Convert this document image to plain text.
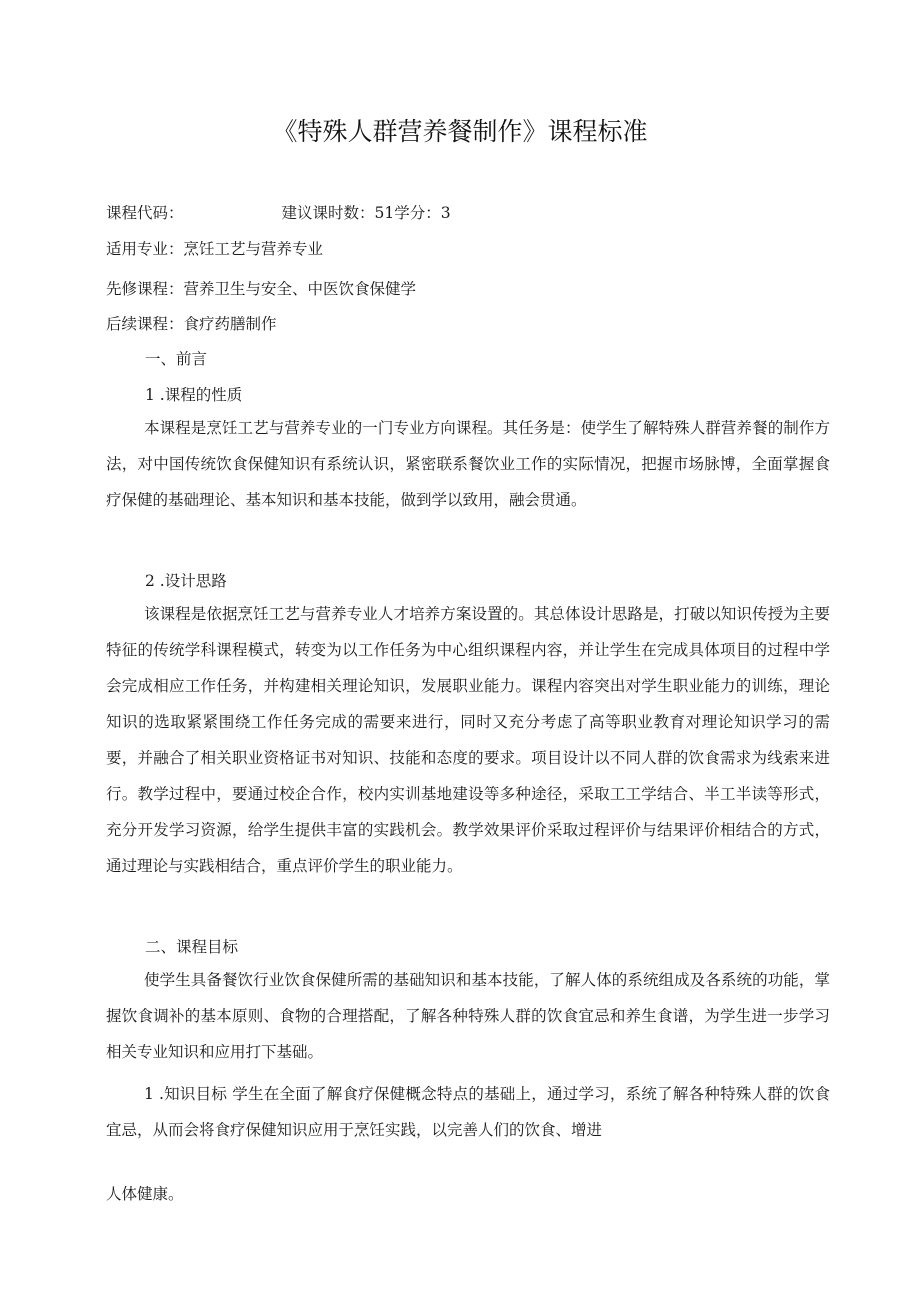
《特殊人群营养餐制作》课程标准
课程代码：	建议课时数：51学分：3
适用专业：烹饪工艺与营养专业
先修课程：营养卫生与安全、中医饮食保健学
后续课程：食疗药膳制作
一、前言
1 .课程的性质

本课程是烹饪工艺与营养专业的一门专业方向课程。其任务是：使学生了解特殊人群营养餐的制作方法，对中国传统饮食保健知识有系统认识，紧密联系餐饮业工作的实际情况，把握市场脉博，全面掌握食疗保健的基础理论、基本知识和基本技能，做到学以致用，融会贯通。

2 .设计思路

该课程是依据烹饪工艺与营养专业人才培养方案设置的。其总体设计思路是，打破以知识传授为主要特征的传统学科课程模式，转变为以工作任务为中心组织课程内容，并让学生在完成具体项目的过程中学会完成相应工作任务，并构建相关理论知识，发展职业能力。课程内容突出对学生职业能力的训练，理论知识的选取紧紧围绕工作任务完成的需要来进行，同时又充分考虑了高等职业教育对理论知识学习的需要，并融合了相关职业资格证书对知识、技能和态度的要求。项目设计以不同人群的饮食需求为线索来进行。教学过程中，要通过校企合作，校内实训基地建设等多种途径，采取工工学结合、半工半读等形式，充分开发学习资源，给学生提供丰富的实践机会。教学效果评价采取过程评价与结果评价相结合的方式，通过理论与实践相结合，重点评价学生的职业能力。

二、课程目标

使学生具备餐饮行业饮食保健所需的基础知识和基本技能，了解人体的系统组成及各系统的功能，掌握饮食调补的基本原则、食物的合理搭配，了解各种特殊人群的饮食宜忌和养生食谱，为学生进一步学习相关专业知识和应用打下基础。

1 .知识目标 学生在全面了解食疗保健概念特点的基础上，通过学习，系统了解各种特殊人群的饮食宜忌，从而会将食疗保健知识应用于烹饪实践，以完善人们的饮食、增进

人体健康。
